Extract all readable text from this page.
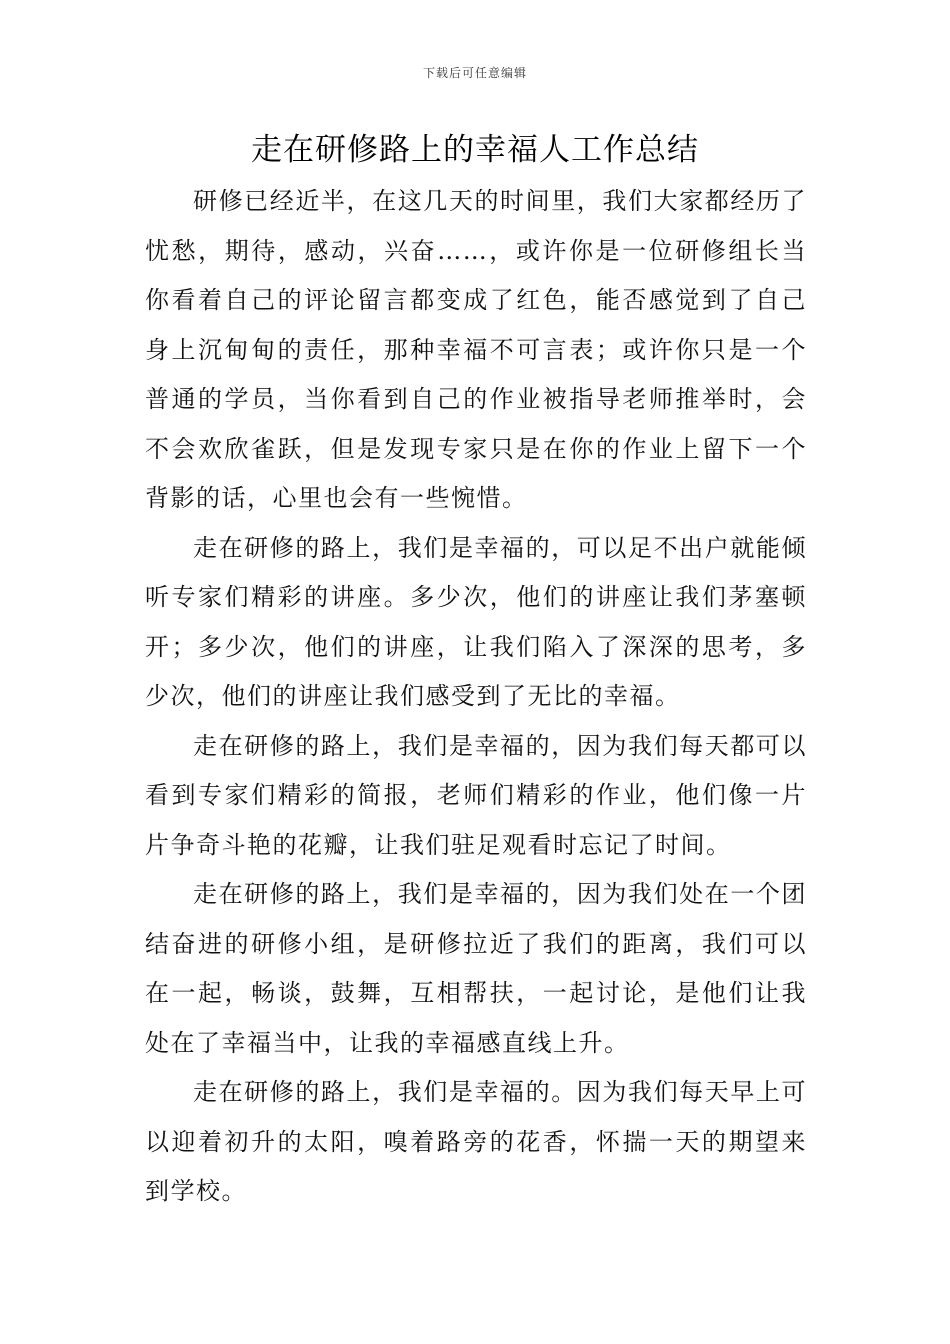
下载后可任意编辑
走在研修路上的幸福人工作总结

研修已经近半，在这几天的时间里，我们大家都经历了忧愁，期待，感动，兴奋……，或许你是一位研修组长当你看着自己的评论留言都变成了红色，能否感觉到了自己身上沉甸甸的责任，那种幸福不可言表；或许你只是一个普通的学员，当你看到自己的作业被指导老师推举时，会不会欢欣雀跃，但是发现专家只是在你的作业上留下一个背影的话，心里也会有一些惋惜。

走在研修的路上，我们是幸福的，可以足不出户就能倾听专家们精彩的讲座。多少次，他们的讲座让我们茅塞顿开；多少次，他们的讲座，让我们陷入了深深的思考，多少次，他们的讲座让我们感受到了无比的幸福。

走在研修的路上，我们是幸福的，因为我们每天都可以看到专家们精彩的简报，老师们精彩的作业，他们像一片片争奇斗艳的花瓣，让我们驻足观看时忘记了时间。

走在研修的路上，我们是幸福的，因为我们处在一个团结奋进的研修小组，是研修拉近了我们的距离，我们可以在一起，畅谈，鼓舞，互相帮扶，一起讨论，是他们让我处在了幸福当中，让我的幸福感直线上升。

走在研修的路上，我们是幸福的。因为我们每天早上可以迎着初升的太阳，嗅着路旁的花香，怀揣一天的期望来到学校。
